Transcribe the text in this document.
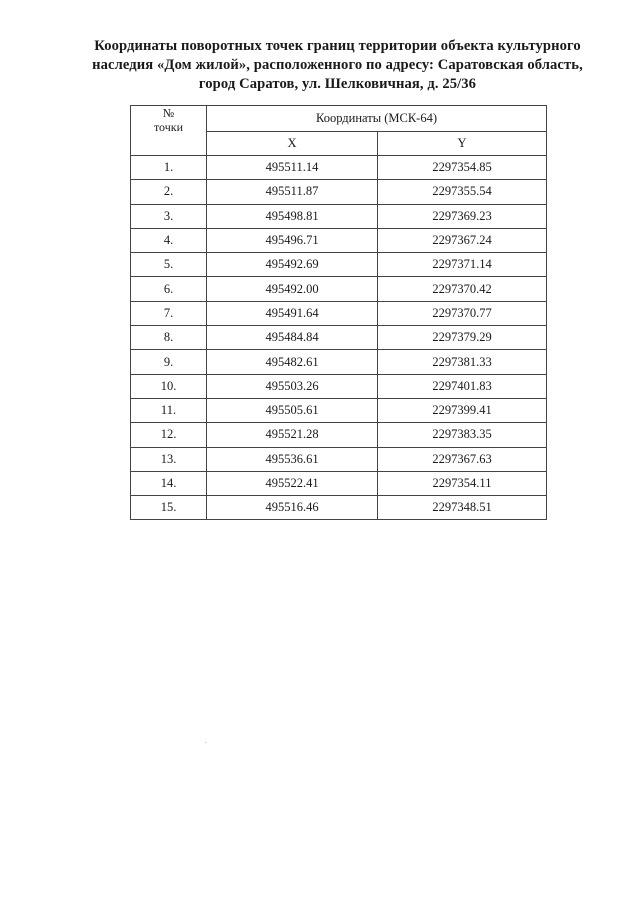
Координаты поворотных точек границ территории объекта культурного
наследия «Дом жилой», расположенного по адресу: Саратовская область,
город Саратов, ул. Шелковичная, д. 25/36
№
точки	Координаты (МСК-64)	
	X	Y
1.	495511.14	2297354.85
2.	495511.87	2297355.54
3.	495498.81	2297369.23
4.	495496.71	2297367.24
5.	495492.69	2297371.14
6.	495492.00	2297370.42
7.	495491.64	2297370.77
8.	495484.84	2297379.29
9.	495482.61	2297381.33
10.	495503.26	2297401.83
11.	495505.61	2297399.41
12.	495521.28	2297383.35
13.	495536.61	2297367.63
14.	495522.41	2297354.11
15.	495516.46	2297348.51
